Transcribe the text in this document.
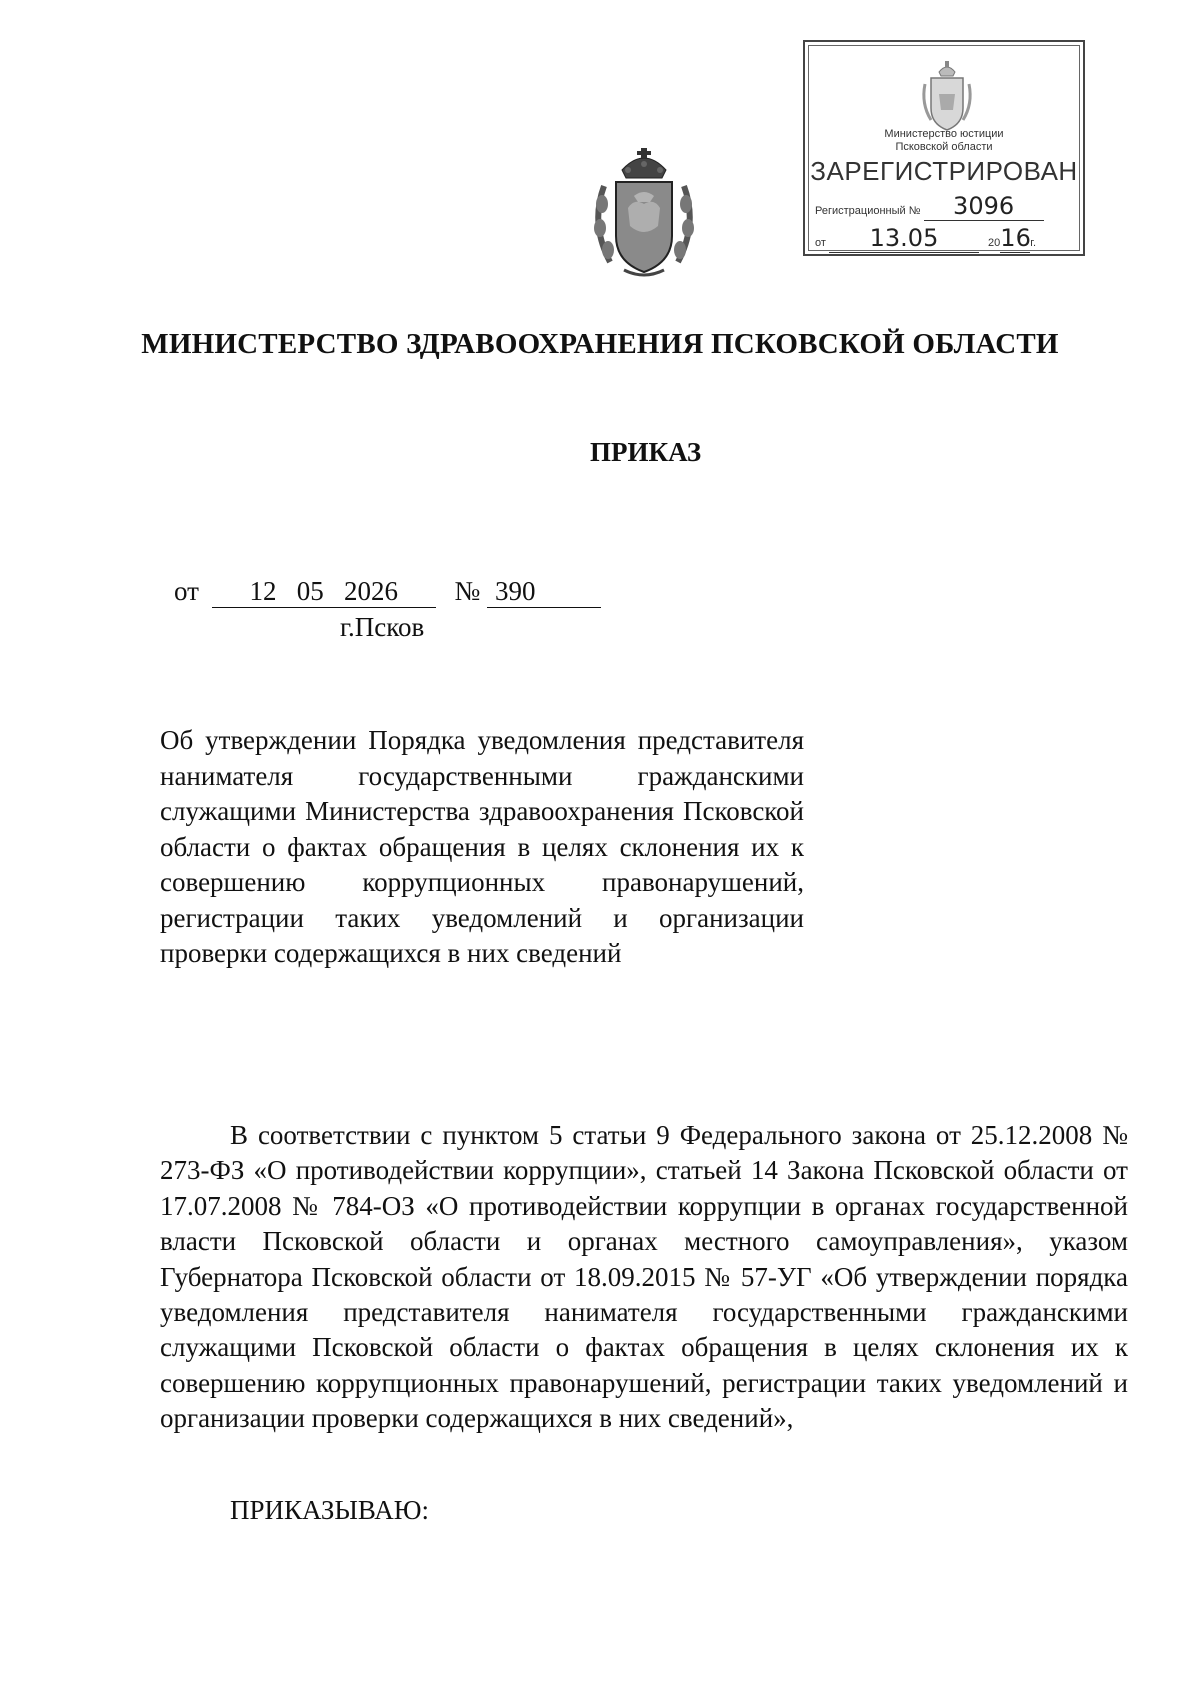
Министерство юстиции
Псковской области
ЗАРЕГИСТРИРОВАН
Регистрационный № 3096
от 13.05	2016г.
МИНИСТЕРСТВО ЗДРАВООХРАНЕНИЯ ПСКОВСКОЙ ОБЛАСТИ
ПРИКАЗ
от 12 05 2026 № 390
г.Псков
Об утверждении Порядка уведомления представителя нанимателя государственными гражданскими служащими Министерства здравоохранения Псковской области о фактах обращения в целях склонения их к совершению коррупционных правонарушений, регистрации таких уведомлений и организации проверки содержащихся в них сведений

В соответствии с пунктом 5 статьи 9 Федерального закона от 25.12.2008 № 273-ФЗ «О противодействии коррупции», статьей 14 Закона Псковской области от 17.07.2008 № 784-ОЗ «О противодействии коррупции в органах государственной власти Псковской области и органах местного самоуправления», указом Губернатора Псковской области от 18.09.2015 № 57-УГ «Об утверждении порядка уведомления представителя нанимателя государственными гражданскими служащими Псковской области о фактах обращения в целях склонения их к совершению коррупционных правонарушений, регистрации таких уведомлений и организации проверки содержащихся в них сведений»,

ПРИКАЗЫВАЮ:
